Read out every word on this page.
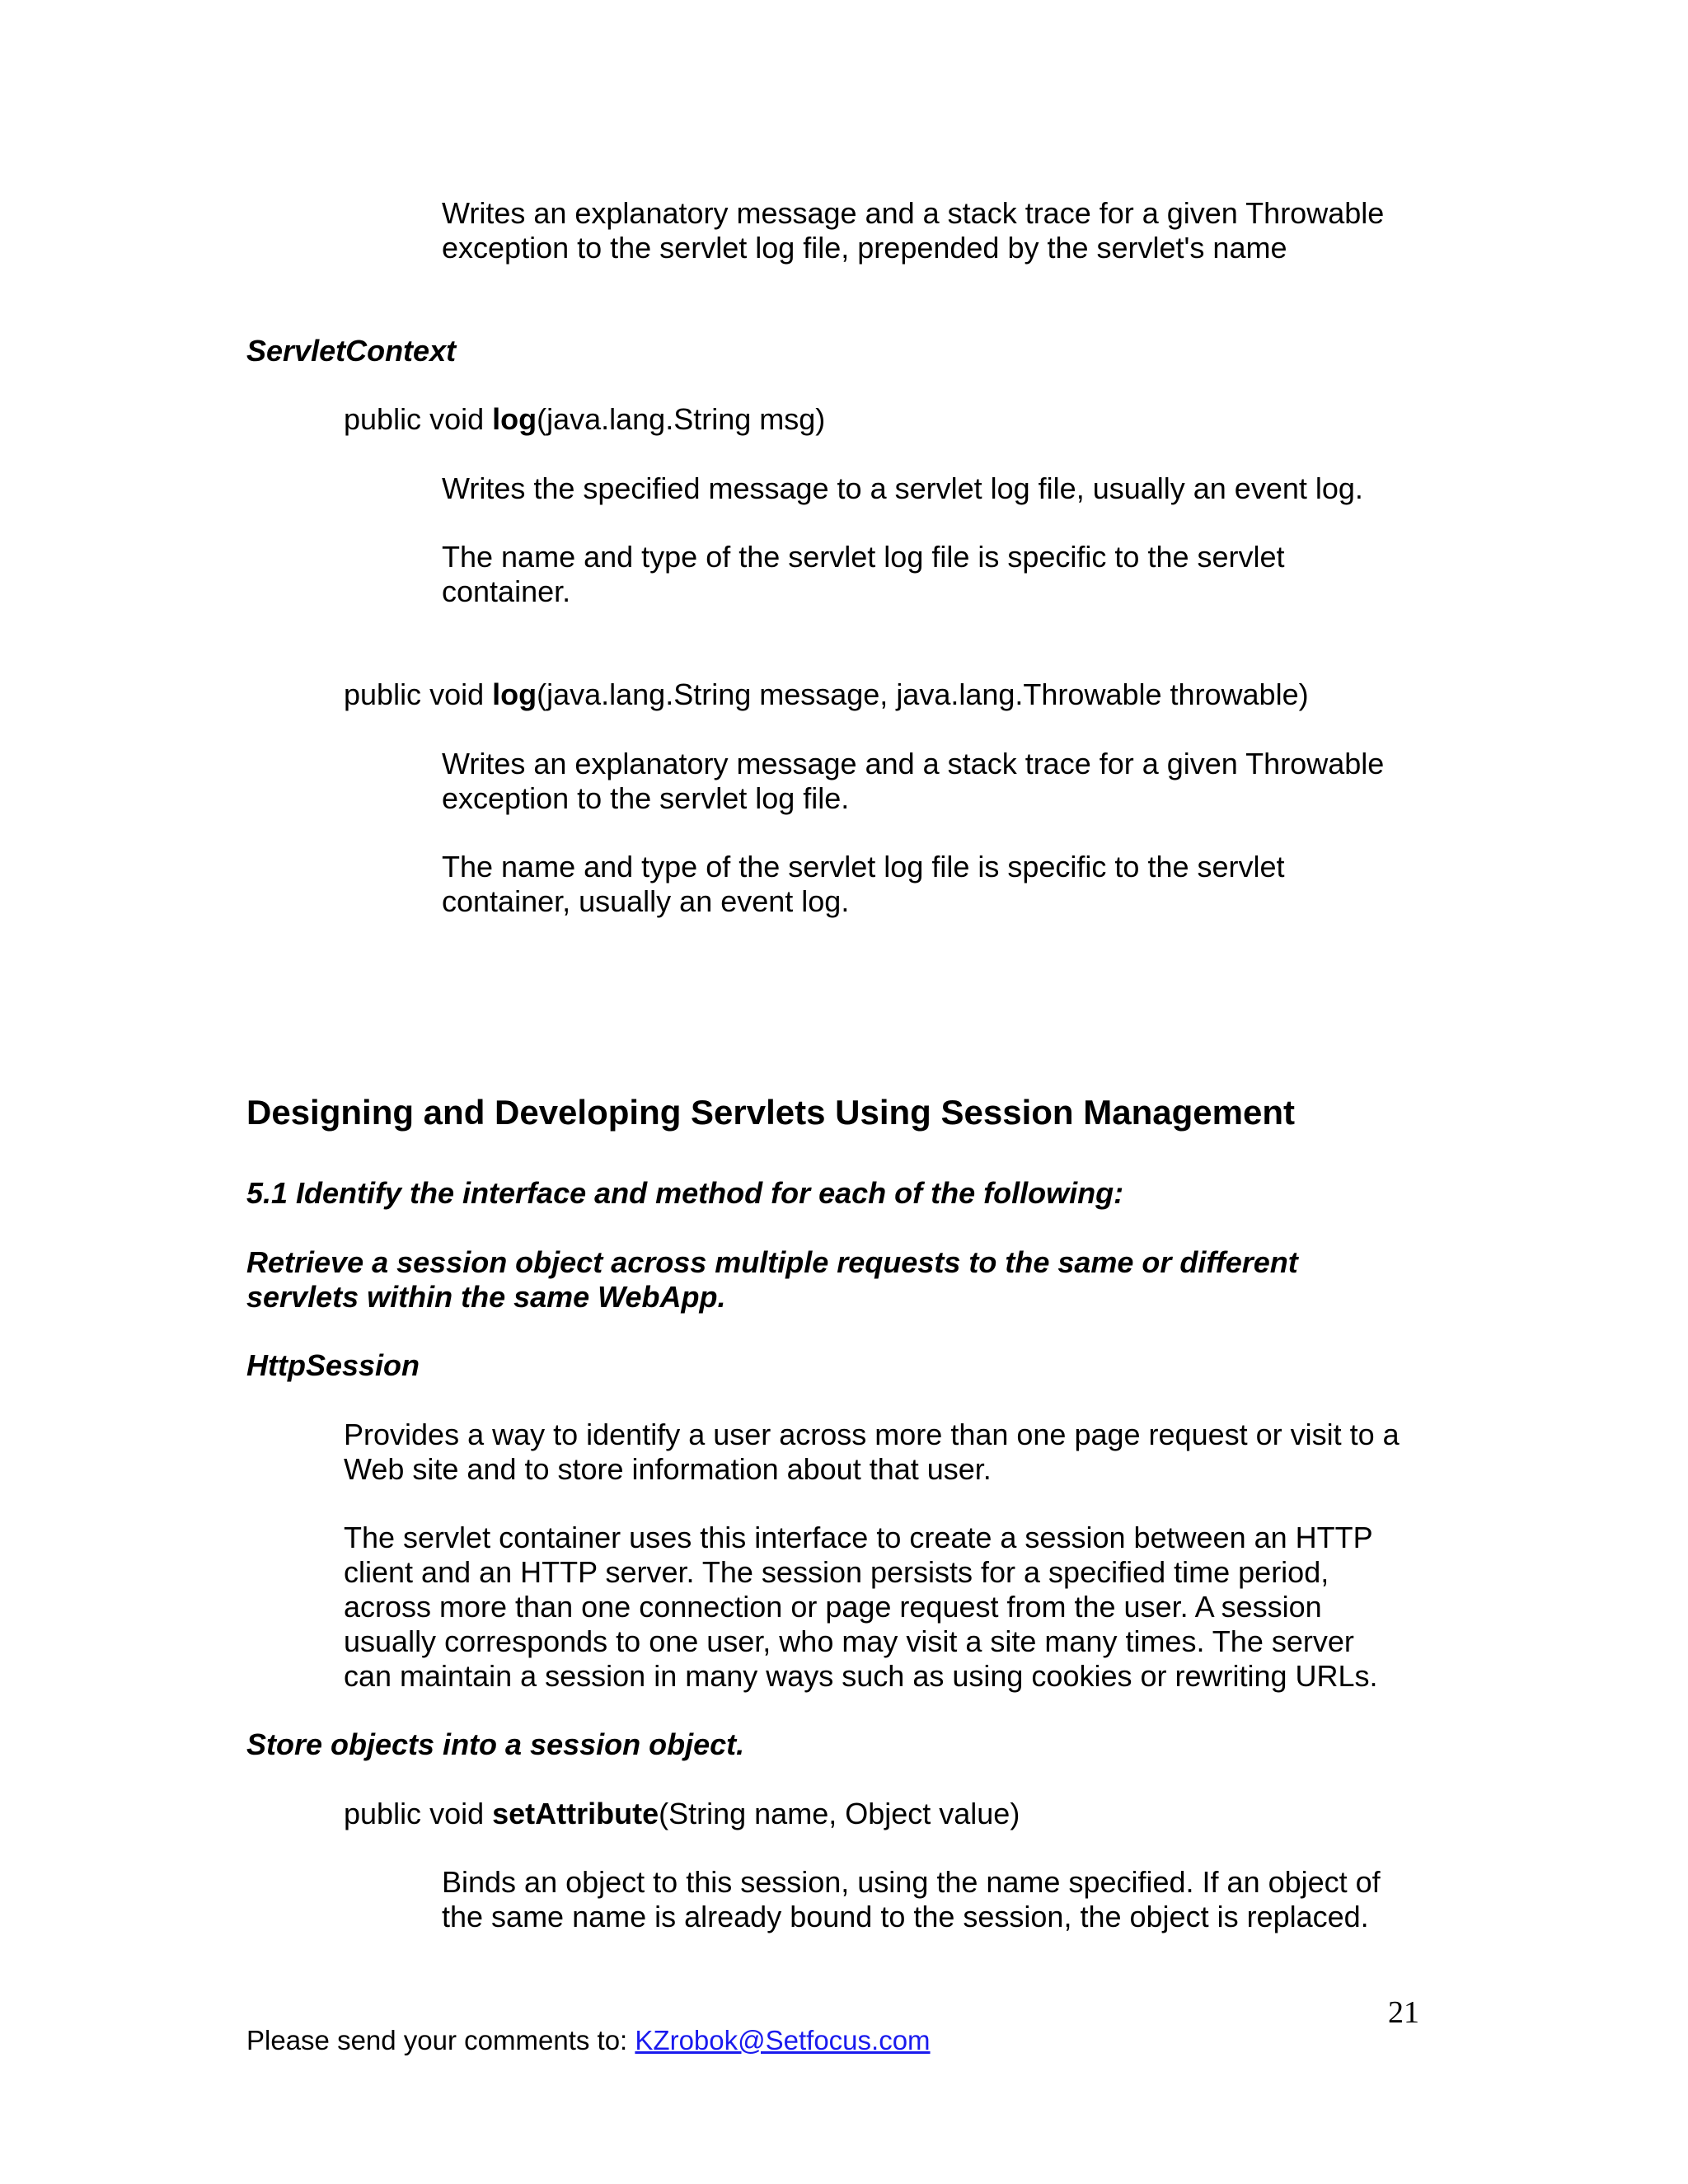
Writes an explanatory message and a stack trace for a given Throwable

exception to the servlet log file, prepended by the servlet's name

ServletContext

public void log(java.lang.String msg)

Writes the specified message to a servlet log file, usually an event log.

The name and type of the servlet log file is specific to the servlet

container.

public void log(java.lang.String message, java.lang.Throwable throwable)

Writes an explanatory message and a stack trace for a given Throwable

exception to the servlet log file.

The name and type of the servlet log file is specific to the servlet

container, usually an event log.

Designing and Developing Servlets Using Session Management

5.1 Identify the interface and method for each of the following:

Retrieve a session object across multiple requests to the same or different

servlets within the same WebApp.

HttpSession

Provides a way to identify a user across more than one page request or visit to a

Web site and to store information about that user.

The servlet container uses this interface to create a session between an HTTP

client and an HTTP server. The session persists for a specified time period,

across more than one connection or page request from the user. A session

usually corresponds to one user, who may visit a site many times. The server

can maintain a session in many ways such as using cookies or rewriting URLs.

Store objects into a session object.

public void setAttribute(String name, Object value)

Binds an object to this session, using the name specified. If an object of

the same name is already bound to the session, the object is replaced.

21

Please send your comments to: KZrobok@Setfocus.com
